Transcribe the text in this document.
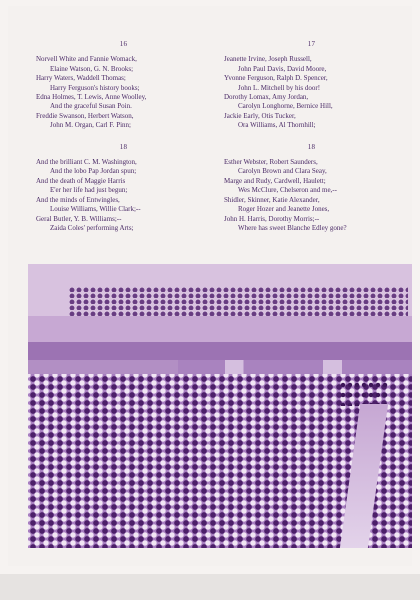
16
Norvell White and Fannie Womack,
Elaine Watson, G. N. Brooks;
Harry Waters, Waddell Thomas;
Harry Ferguson's history books;
Edna Holmes, T. Lewis, Anne Woolley,
And the graceful Susan Poin.
Freddie Swanson, Herbert Watson,
John M. Organ, Carl F. Pinn;
18
And the brilliant C. M. Washington,
And the lobo Pap Jordan spun;
And the death of Maggie Harris
E'er her life had just begun;
And the minds of Entwingles,
Louise Williams, Willie Clark;--
Geral Butler, Y. B. Williams;--
Zaida Coles' performing Arts;
17
Jeanette Irvine, Joseph Russell,
John Paul Davis, David Moore,
Yvonne Ferguson, Ralph D. Spencer,
John L. Mitchell by his door!
Dorothy Lomax, Amy Jordan,
Carolyn Longhorne, Bernice Hill,
Jackie Early, Otis Tucker,
Ora Williams, Al Thornhill;
18
Esther Webster, Robert Saunders,
Carolyn Brown and Clara Seay,
Marge and Rudy, Cardwell, Haulett;
Wes McClure, Chelseron and me,--
Shidler, Skinner, Katie Alexander,
Roger Hozer and Jeanette Jones,
John H. Harris, Dorothy Morris;--
Where has sweet Blanche Edley gone?
